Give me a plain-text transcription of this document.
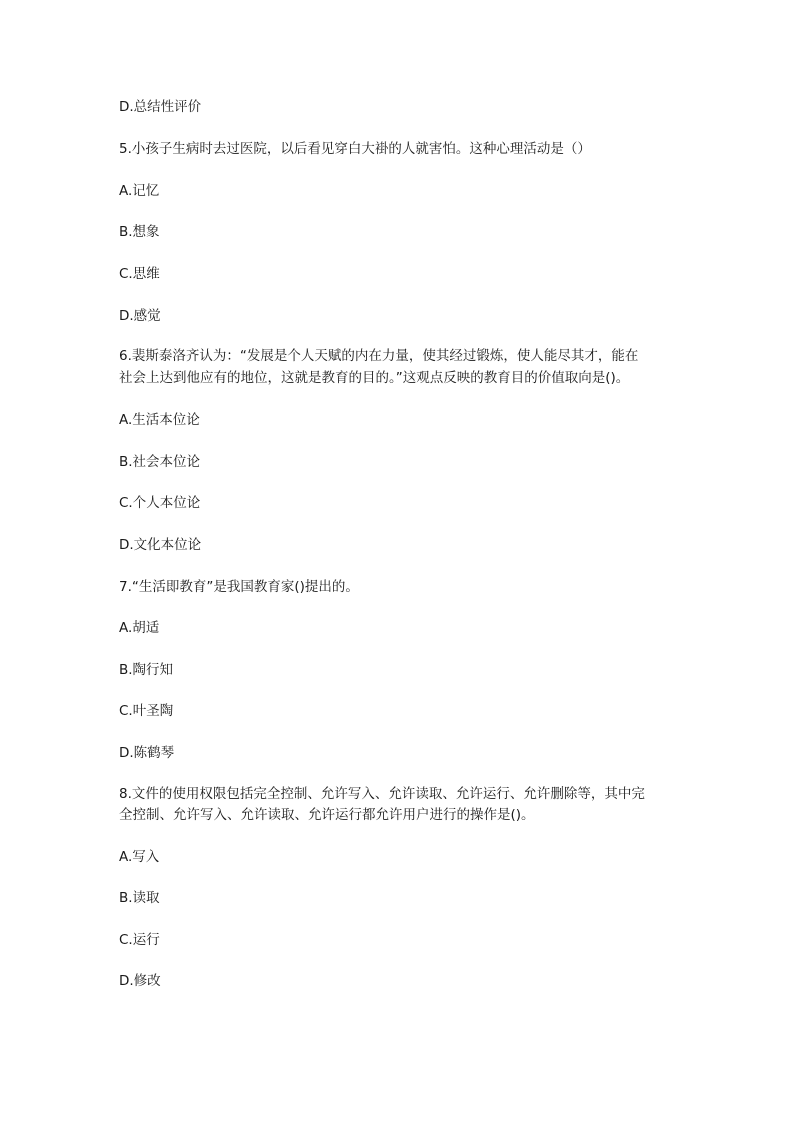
D.总结性评价
5.小孩子生病时去过医院，以后看见穿白大褂的人就害怕。这种心理活动是（）
A.记忆
B.想象
C.思维
D.感觉
6.裴斯泰洛齐认为：“发展是个人天赋的内在力量，使其经过锻炼，使人能尽其才，能在
社会上达到他应有的地位，这就是教育的目的。”这观点反映的教育目的价值取向是()。
A.生活本位论
B.社会本位论
C.个人本位论
D.文化本位论
7.“生活即教育”是我国教育家()提出的。
A.胡适
B.陶行知
C.叶圣陶
D.陈鹤琴
8.文件的使用权限包括完全控制、允许写入、允许读取、允许运行、允许删除等，其中完
全控制、允许写入、允许读取、允许运行都允许用户进行的操作是()。
A.写入
B.读取
C.运行
D.修改
